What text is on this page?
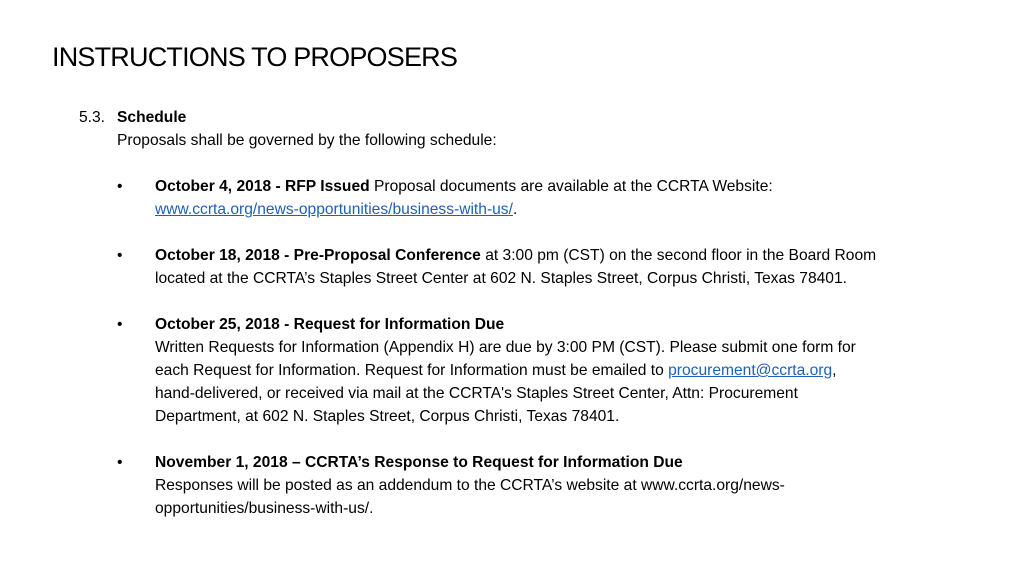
INSTRUCTIONS TO PROPOSERS
5.3. Schedule
Proposals shall be governed by the following schedule:
• October 4, 2018 - RFP Issued Proposal documents are available at the CCRTA Website:
www.ccrta.org/news-opportunities/business-with-us/.
• October 18, 2018 - Pre-Proposal Conference at 3:00 pm (CST) on the second floor in the Board Room
located at the CCRTA’s Staples Street Center at 602 N. Staples Street, Corpus Christi, Texas 78401.
• October 25, 2018 - Request for Information Due
Written Requests for Information (Appendix H) are due by 3:00 PM (CST). Please submit one form for
each Request for Information. Request for Information must be emailed to procurement@ccrta.org,
hand-delivered, or received via mail at the CCRTA's Staples Street Center, Attn: Procurement
Department, at 602 N. Staples Street, Corpus Christi, Texas 78401.
• November 1, 2018 – CCRTA’s Response to Request for Information Due
Responses will be posted as an addendum to the CCRTA’s website at www.ccrta.org/news-
opportunities/business-with-us/.
